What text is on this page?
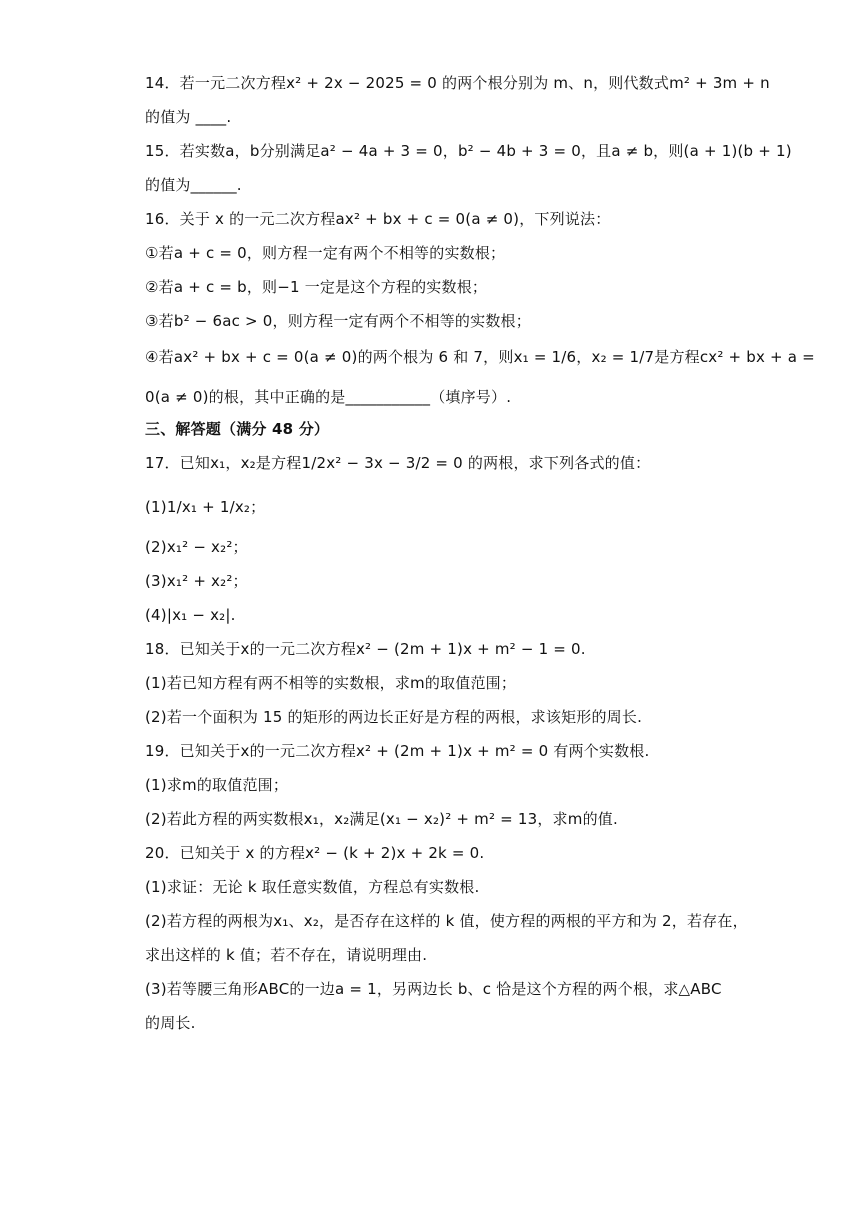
14．若一元二次方程x² + 2x − 2025 = 0 的两个根分别为 m、n，则代数式m² + 3m + n
的值为 ____.
15．若实数a，b分别满足a² − 4a + 3 = 0，b² − 4b + 3 = 0，且a ≠ b，则(a + 1)(b + 1)
的值为______.
16．关于 x 的一元二次方程ax² + bx + c = 0(a ≠ 0)，下列说法：
①若a + c = 0，则方程一定有两个不相等的实数根；
②若a + c = b，则−1 一定是这个方程的实数根；
③若b² − 6ac > 0，则方程一定有两个不相等的实数根；
④若ax² + bx + c = 0(a ≠ 0)的两个根为 6 和 7，则x₁ = 1/6，x₂ = 1/7是方程cx² + bx + a =
0(a ≠ 0)的根，其中正确的是___________（填序号）.
三、解答题（满分 48 分）
17．已知x₁，x₂是方程1/2x² − 3x − 3/2 = 0 的两根，求下列各式的值：
(1)1/x₁ + 1/x₂；
(2)x₁² − x₂²；
(3)x₁² + x₂²；
(4)|x₁ − x₂|.
18．已知关于x的一元二次方程x² − (2m + 1)x + m² − 1 = 0.
(1)若已知方程有两不相等的实数根，求m的取值范围；
(2)若一个面积为 15 的矩形的两边长正好是方程的两根，求该矩形的周长.
19．已知关于x的一元二次方程x² + (2m + 1)x + m² = 0 有两个实数根.
(1)求m的取值范围；
(2)若此方程的两实数根x₁，x₂满足(x₁ − x₂)² + m² = 13，求m的值.
20．已知关于 x 的方程x² − (k + 2)x + 2k = 0.
(1)求证：无论 k 取任意实数值，方程总有实数根.
(2)若方程的两根为x₁、x₂，是否存在这样的 k 值，使方程的两根的平方和为 2，若存在，
求出这样的 k 值；若不存在，请说明理由.
(3)若等腰三角形ABC的一边a = 1，另两边长 b、c 恰是这个方程的两个根，求△ABC
的周长.
